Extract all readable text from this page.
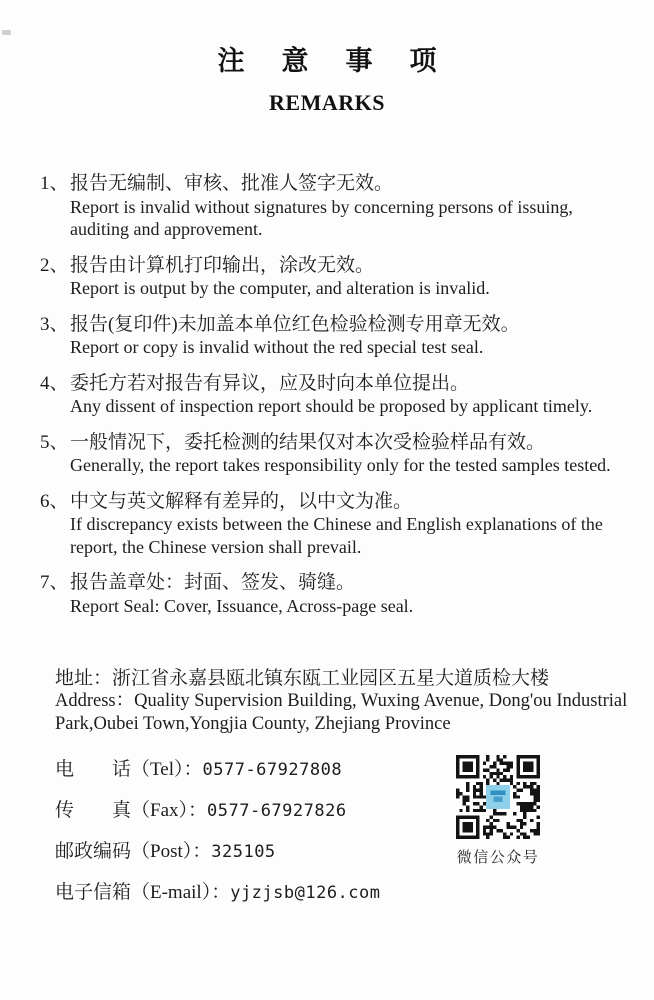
注意事项
REMARKS
1、 报告无编制、审核、批准人签字无效。
Report is invalid without signatures by concerning persons of issuing, auditing and approvement.
2、 报告由计算机打印输出，涂改无效。
Report is output by the computer, and alteration is invalid.
3、 报告(复印件)未加盖本单位红色检验检测专用章无效。
Report or copy is invalid without the red special test seal.
4、 委托方若对报告有异议，应及时向本单位提出。
Any dissent of inspection report should be proposed by applicant timely.
5、 一般情况下，委托检测的结果仅对本次受检验样品有效。
Generally, the report takes responsibility only for the tested samples tested.
6、 中文与英文解释有差异的，以中文为准。
If discrepancy exists between the Chinese and English explanations of the report, the Chinese version shall prevail.
7、 报告盖章处：封面、签发、骑缝。
Report Seal: Cover, Issuance, Across-page seal.
地址：浙江省永嘉县瓯北镇东瓯工业园区五星大道质检大楼
Address：Quality Supervision Building, Wuxing Avenue, Dong'ou Industrial Park,Oubei Town,Yongjia County, Zhejiang Province
电　　话（Tel）：0577-67927808
传　　真（Fax）：0577-67927826
邮政编码（Post）：325105
电子信箱（E-mail）：yjzjsb@126.com
微信公众号
